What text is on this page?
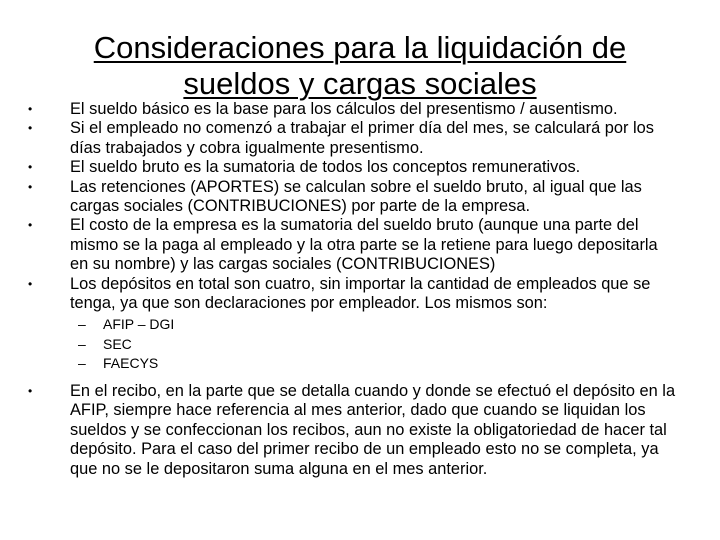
Consideraciones para la liquidación de sueldos y cargas sociales
•	El sueldo básico es la base para los cálculos del presentismo / ausentismo.
•	Si el empleado no comenzó a trabajar el primer día del mes, se calculará por los días trabajados y cobra igualmente presentismo.
•	El sueldo bruto es la sumatoria de todos los conceptos remunerativos.
•	Las retenciones (APORTES) se calculan sobre el sueldo bruto, al igual que las cargas sociales (CONTRIBUCIONES) por parte de la empresa.
•	El costo de la empresa es la sumatoria del sueldo bruto (aunque una parte del mismo se la paga al empleado y la otra parte se la retiene para luego depositarla en su nombre) y las cargas sociales (CONTRIBUCIONES)
•	Los depósitos en total son cuatro, sin importar la cantidad de empleados que se tenga, ya que son declaraciones por empleador. Los mismos son:
– AFIP – DGI
– SEC
– FAECYS
•	En el recibo, en la parte que se detalla cuando y donde se efectuó el depósito en la AFIP, siempre hace referencia al mes anterior, dado que cuando se liquidan los sueldos y se confeccionan los recibos, aun no existe la obligatoriedad de hacer tal depósito. Para el caso del primer recibo de un empleado esto no se completa, ya que no se le depositaron suma alguna en el mes anterior.
